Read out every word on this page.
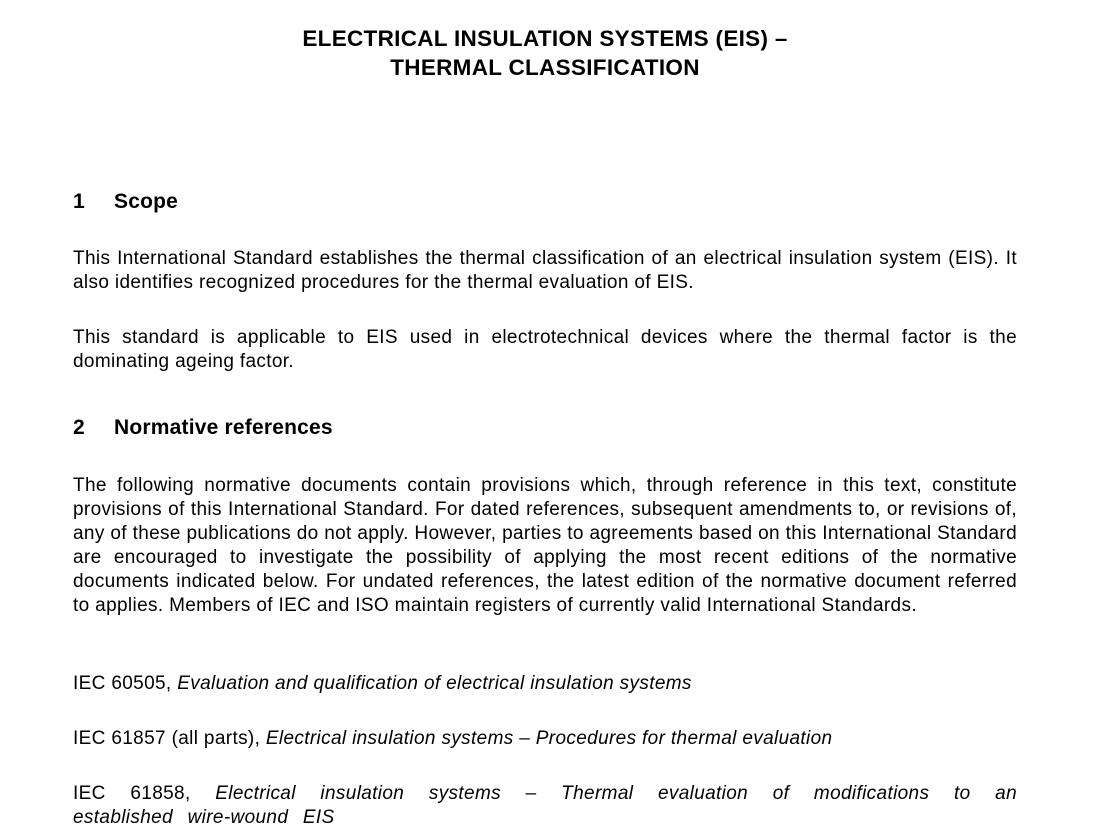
ELECTRICAL INSULATION SYSTEMS (EIS) –
THERMAL CLASSIFICATION
1 Scope

This International Standard establishes the thermal classification of an electrical insulation system (EIS). It also identifies recognized procedures for the thermal evaluation of EIS.

This standard is applicable to EIS used in electrotechnical devices where the thermal factor is the dominating ageing factor.

2 Normative references

The following normative documents contain provisions which, through reference in this text, constitute provisions of this International Standard. For dated references, subsequent amendments to, or revisions of, any of these publications do not apply. However, parties to agreements based on this International Standard are encouraged to investigate the possibility of applying the most recent editions of the normative documents indicated below. For undated references, the latest edition of the normative document referred to applies. Members of IEC and ISO maintain registers of currently valid International Standards.

IEC 60505, Evaluation and qualification of electrical insulation systems

IEC 61857 (all parts), Electrical insulation systems – Procedures for thermal evaluation

IEC 61858, Electrical insulation systems – Thermal evaluation of modifications to an established wire-wound EIS
